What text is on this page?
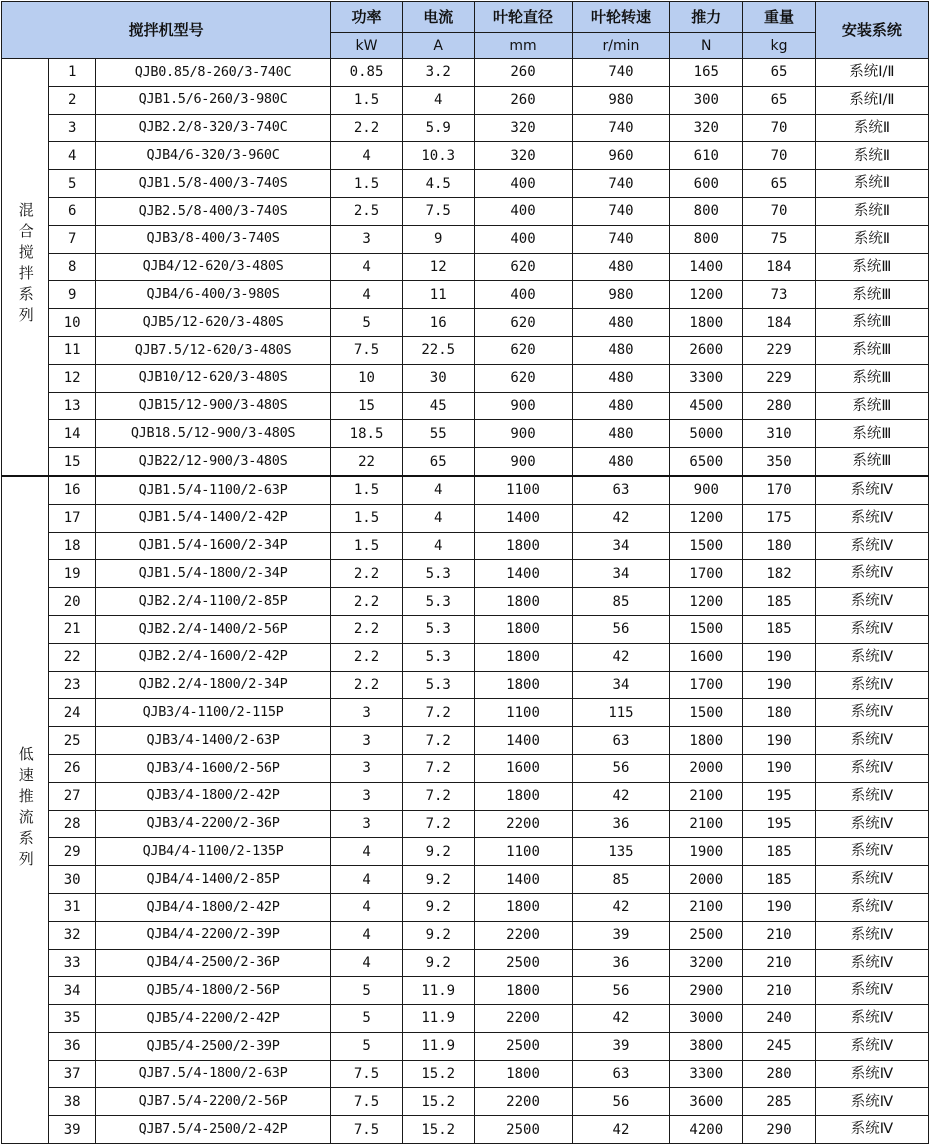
搅拌机型号			功率	电流	叶轮直径	叶轮转速	推力	重量	安装系统
			kW	A	mm	r/min	N	kg	
混合搅拌系列	1	QJB0.85/8-260/3-740C	0.85	3.2	260	740	165	65	系统Ⅰ/Ⅱ
	2	QJB1.5/6-260/3-980C	1.5	4	260	980	300	65	系统Ⅰ/Ⅱ
	3	QJB2.2/8-320/3-740C	2.2	5.9	320	740	320	70	系统Ⅱ
	4	QJB4/6-320/3-960C	4	10.3	320	960	610	70	系统Ⅱ
	5	QJB1.5/8-400/3-740S	1.5	4.5	400	740	600	65	系统Ⅱ
	6	QJB2.5/8-400/3-740S	2.5	7.5	400	740	800	70	系统Ⅱ
	7	QJB3/8-400/3-740S	3	9	400	740	800	75	系统Ⅱ
	8	QJB4/12-620/3-480S	4	12	620	480	1400	184	系统Ⅲ
	9	QJB4/6-400/3-980S	4	11	400	980	1200	73	系统Ⅲ
	10	QJB5/12-620/3-480S	5	16	620	480	1800	184	系统Ⅲ
	11	QJB7.5/12-620/3-480S	7.5	22.5	620	480	2600	229	系统Ⅲ
	12	QJB10/12-620/3-480S	10	30	620	480	3300	229	系统Ⅲ
	13	QJB15/12-900/3-480S	15	45	900	480	4500	280	系统Ⅲ
	14	QJB18.5/12-900/3-480S	18.5	55	900	480	5000	310	系统Ⅲ
	15	QJB22/12-900/3-480S	22	65	900	480	6500	350	系统Ⅲ
低速推流系列	16	QJB1.5/4-1100/2-63P	1.5	4	1100	63	900	170	系统Ⅳ
	17	QJB1.5/4-1400/2-42P	1.5	4	1400	42	1200	175	系统Ⅳ
	18	QJB1.5/4-1600/2-34P	1.5	4	1800	34	1500	180	系统Ⅳ
	19	QJB1.5/4-1800/2-34P	2.2	5.3	1400	34	1700	182	系统Ⅳ
	20	QJB2.2/4-1100/2-85P	2.2	5.3	1800	85	1200	185	系统Ⅳ
	21	QJB2.2/4-1400/2-56P	2.2	5.3	1800	56	1500	185	系统Ⅳ
	22	QJB2.2/4-1600/2-42P	2.2	5.3	1800	42	1600	190	系统Ⅳ
	23	QJB2.2/4-1800/2-34P	2.2	5.3	1800	34	1700	190	系统Ⅳ
	24	QJB3/4-1100/2-115P	3	7.2	1100	115	1500	180	系统Ⅳ
	25	QJB3/4-1400/2-63P	3	7.2	1400	63	1800	190	系统Ⅳ
	26	QJB3/4-1600/2-56P	3	7.2	1600	56	2000	190	系统Ⅳ
	27	QJB3/4-1800/2-42P	3	7.2	1800	42	2100	195	系统Ⅳ
	28	QJB3/4-2200/2-36P	3	7.2	2200	36	2100	195	系统Ⅳ
	29	QJB4/4-1100/2-135P	4	9.2	1100	135	1900	185	系统Ⅳ
	30	QJB4/4-1400/2-85P	4	9.2	1400	85	2000	185	系统Ⅳ
	31	QJB4/4-1800/2-42P	4	9.2	1800	42	2100	190	系统Ⅳ
	32	QJB4/4-2200/2-39P	4	9.2	2200	39	2500	210	系统Ⅳ
	33	QJB4/4-2500/2-36P	4	9.2	2500	36	3200	210	系统Ⅳ
	34	QJB5/4-1800/2-56P	5	11.9	1800	56	2900	210	系统Ⅳ
	35	QJB5/4-2200/2-42P	5	11.9	2200	42	3000	240	系统Ⅳ
	36	QJB5/4-2500/2-39P	5	11.9	2500	39	3800	245	系统Ⅳ
	37	QJB7.5/4-1800/2-63P	7.5	15.2	1800	63	3300	280	系统Ⅳ
	38	QJB7.5/4-2200/2-56P	7.5	15.2	2200	56	3600	285	系统Ⅳ
	39	QJB7.5/4-2500/2-42P	7.5	15.2	2500	42	4200	290	系统Ⅳ
